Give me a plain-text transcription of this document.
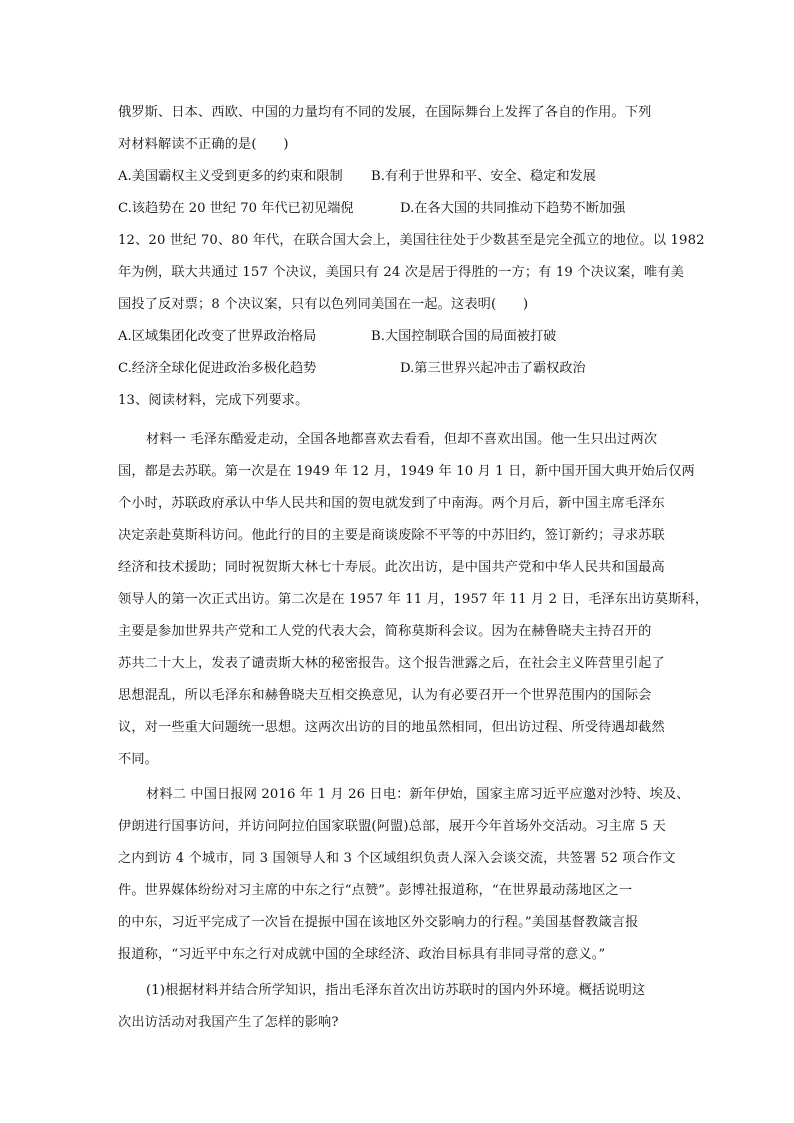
俄罗斯、日本、西欧、中国的力量均有不同的发展，在国际舞台上发挥了各自的作用。下列
对材料解读不正确的是(　　)
A.美国霸权主义受到更多的约束和限制 B.有利于世界和平、安全、稳定和发展
C.该趋势在 20 世纪 70 年代已初见端倪	D.在各大国的共同推动下趋势不断加强
12、20 世纪 70、80 年代，在联合国大会上，美国往往处于少数甚至是完全孤立的地位。以 1982
年为例，联大共通过 157 个决议，美国只有 24 次是居于得胜的一方；有 19 个决议案，唯有美
国投了反对票；8 个决议案，只有以色列同美国在一起。这表明(　　)
A.区域集团化改变了世界政治格局	B.大国控制联合国的局面被打破
C.经济全球化促进政治多极化趋势	D.第三世界兴起冲击了霸权政治
13、阅读材料，完成下列要求。
材料一 毛泽东酷爱走动，全国各地都喜欢去看看，但却不喜欢出国。他一生只出过两次
国，都是去苏联。第一次是在 1949 年 12 月，1949 年 10 月 1 日，新中国开国大典开始后仅两
个小时，苏联政府承认中华人民共和国的贺电就发到了中南海。两个月后，新中国主席毛泽东
决定亲赴莫斯科访问。他此行的目的主要是商谈废除不平等的中苏旧约，签订新约；寻求苏联
经济和技术援助；同时祝贺斯大林七十寿辰。此次出访，是中国共产党和中华人民共和国最高
领导人的第一次正式出访。第二次是在 1957 年 11 月，1957 年 11 月 2 日，毛泽东出访莫斯科，
主要是参加世界共产党和工人党的代表大会，简称莫斯科会议。因为在赫鲁晓夫主持召开的
苏共二十大上，发表了谴责斯大林的秘密报告。这个报告泄露之后，在社会主义阵营里引起了
思想混乱，所以毛泽东和赫鲁晓夫互相交换意见，认为有必要召开一个世界范围内的国际会
议，对一些重大问题统一思想。这两次出访的目的地虽然相同，但出访过程、所受待遇却截然
不同。
材料二 中国日报网 2016 年 1 月 26 日电：新年伊始，国家主席习近平应邀对沙特、埃及、
伊朗进行国事访问，并访问阿拉伯国家联盟(阿盟)总部，展开今年首场外交活动。习主席 5 天
之内到访 4 个城市，同 3 国领导人和 3 个区域组织负责人深入会谈交流，共签署 52 项合作文
件。世界媒体纷纷对习主席的中东之行“点赞”。彭博社报道称，“在世界最动荡地区之一
的中东，习近平完成了一次旨在提振中国在该地区外交影响力的行程。”美国基督教箴言报
报道称，“习近平中东之行对成就中国的全球经济、政治目标具有非同寻常的意义。”
(1)根据材料并结合所学知识，指出毛泽东首次出访苏联时的国内外环境。概括说明这
次出访活动对我国产生了怎样的影响?
